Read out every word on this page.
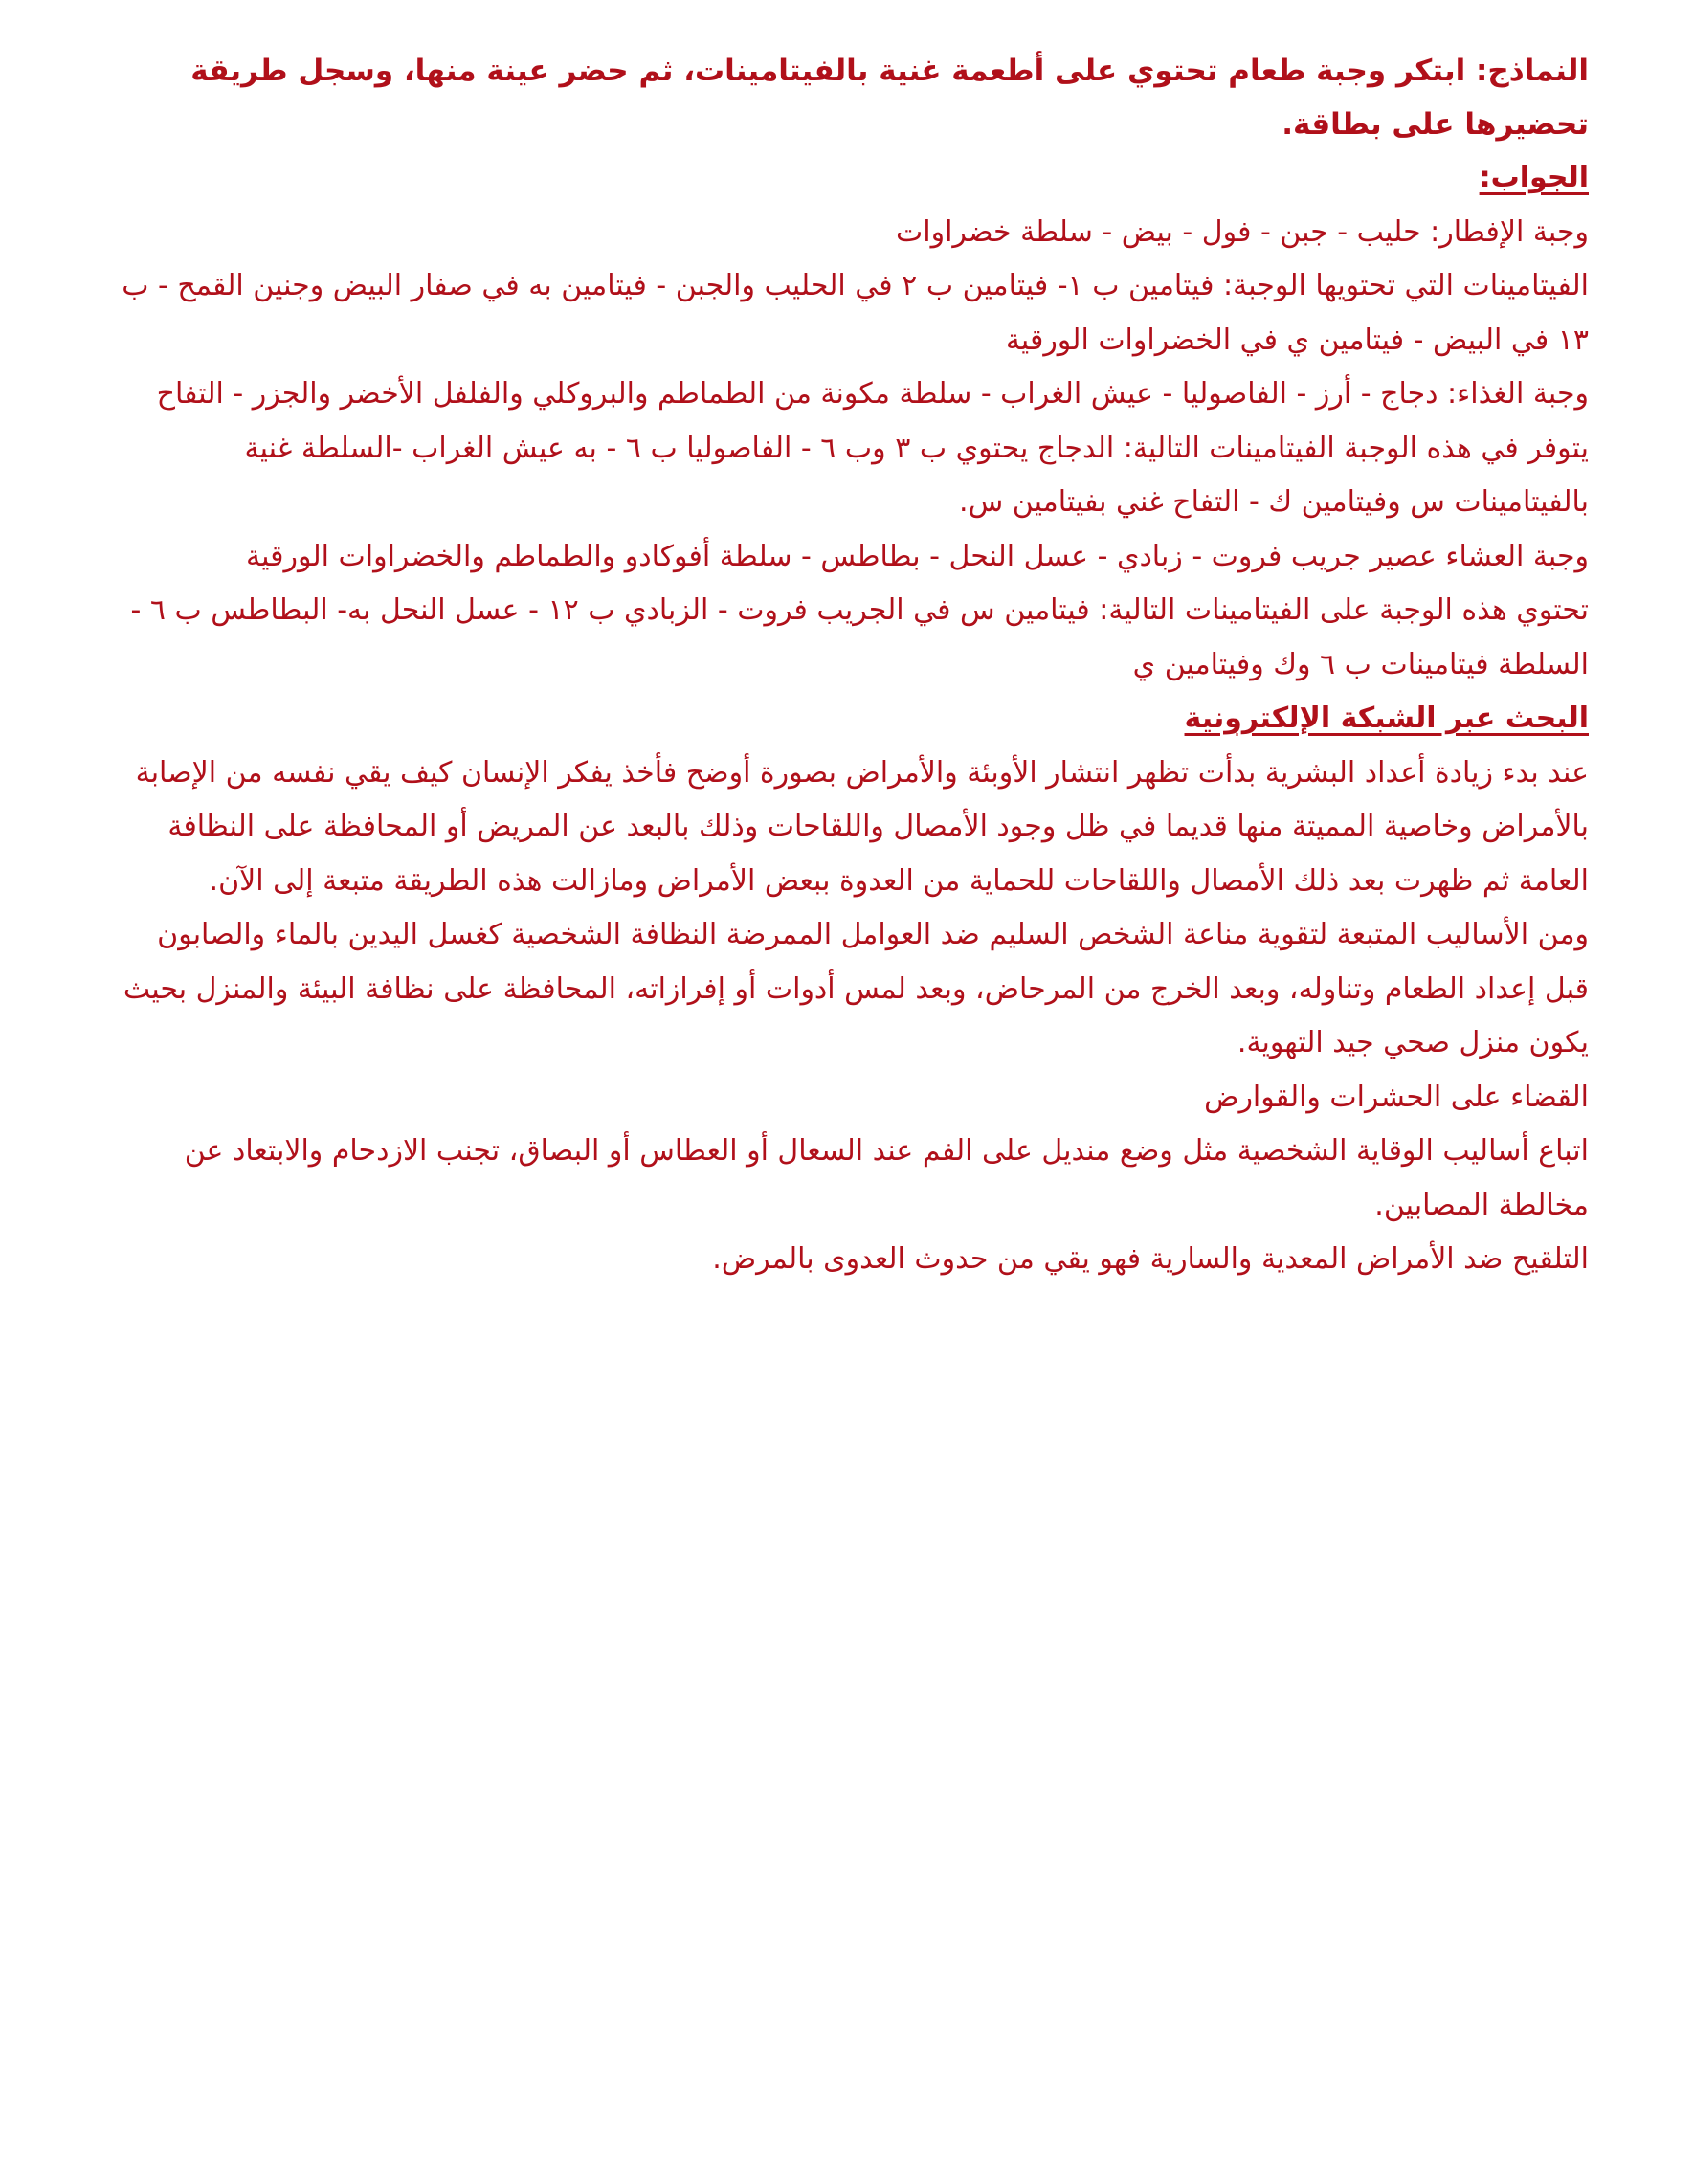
النماذج: ابتكر وجبة طعام تحتوي على أطعمة غنية بالفيتامينات، ثم حضر عينة منها، وسجل طريقة تحضيرها على بطاقة.

الجواب:

وجبة الإفطار: حليب - جبن - فول - بيض - سلطة خضراوات

الفيتامينات التي تحتويها الوجبة: فيتامين ب ١- فيتامين ب ٢ في الحليب والجبن - فيتامين به في صفار البيض وجنين القمح - ب ١٣ في البيض - فيتامين ي في الخضراوات الورقية

وجبة الغذاء: دجاج - أرز - الفاصوليا - عيش الغراب - سلطة مكونة من الطماطم والبروكلي والفلفل الأخضر والجزر - التفاح

يتوفر في هذه الوجبة الفيتامينات التالية: الدجاج يحتوي ب ٣ وب ٦ - الفاصوليا ب ٦ - به عيش الغراب -السلطة غنية بالفيتامينات س وفيتامين ك - التفاح غني بفيتامين س.

وجبة العشاء عصير جريب فروت - زبادي - عسل النحل - بطاطس - سلطة أفوكادو والطماطم والخضراوات الورقية

تحتوي هذه الوجبة على الفيتامينات التالية: فيتامين س في الجريب فروت - الزبادي ب ١٢ - عسل النحل به- البطاطس ب ٦ - السلطة فيتامينات ب ٦ وك وفيتامين ي

البحث عبر الشبكة الإلكترونية

عند بدء زيادة أعداد البشرية بدأت تظهر انتشار الأوبئة والأمراض بصورة أوضح فأخذ يفكر الإنسان كيف يقي نفسه من الإصابة بالأمراض وخاصية المميتة منها قديما في ظل وجود الأمصال واللقاحات وذلك بالبعد عن المريض أو المحافظة على النظافة العامة ثم ظهرت بعد ذلك الأمصال واللقاحات للحماية من العدوة ببعض الأمراض ومازالت هذه الطريقة متبعة إلى الآن.

ومن الأساليب المتبعة لتقوية مناعة الشخص السليم ضد العوامل الممرضة النظافة الشخصية كغسل اليدين بالماء والصابون قبل إعداد الطعام وتناوله، وبعد الخرج من المرحاض، وبعد لمس أدوات أو إفرازاته، المحافظة على نظافة البيئة والمنزل بحيث يكون منزل صحي جيد التهوية.

القضاء على الحشرات والقوارض

اتباع أساليب الوقاية الشخصية مثل وضع منديل على الفم عند السعال أو العطاس أو البصاق، تجنب الازدحام والابتعاد عن مخالطة المصابين.

التلقيح ضد الأمراض المعدية والسارية فهو يقي من حدوث العدوى بالمرض.
